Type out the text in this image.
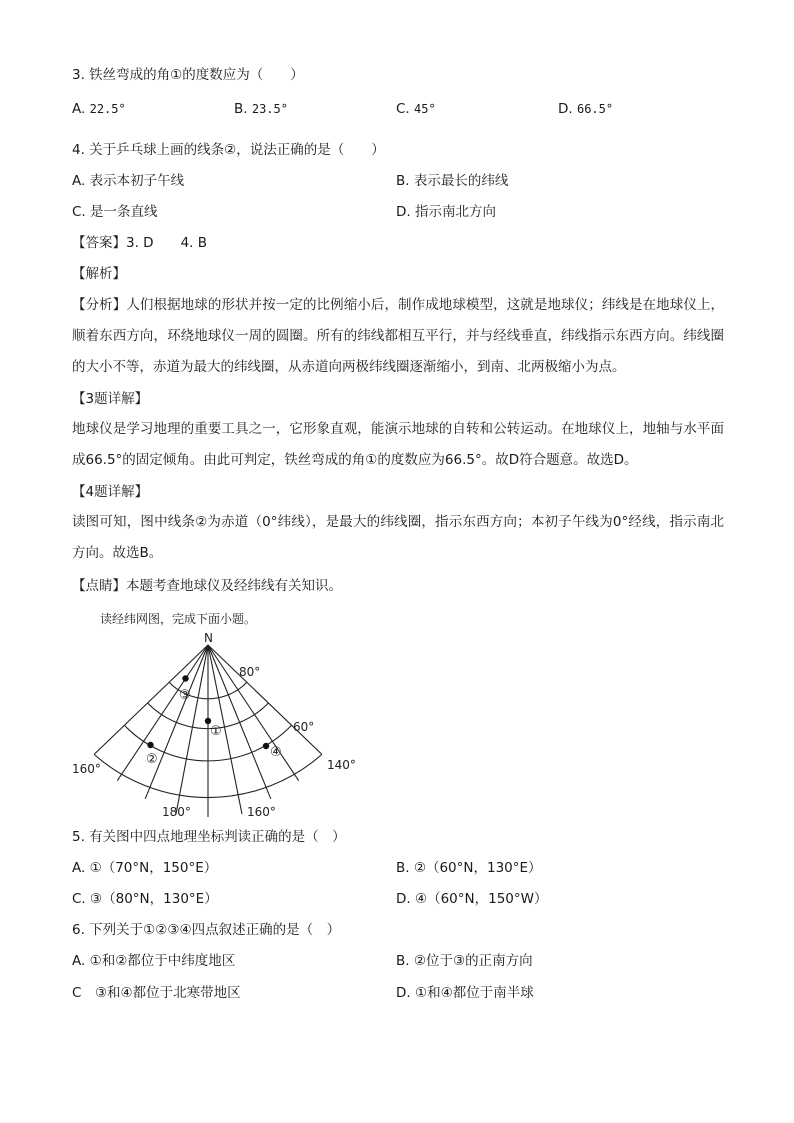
3. 铁丝弯成的角①的度数应为（　　）
A. 22.5°	B. 23.5°	C. 45°	D. 66.5°
4. 关于乒乓球上画的线条②，说法正确的是（　　）
A. 表示本初子午线	B. 表示最长的纬线
C. 是一条直线	D. 指示南北方向
【答案】3. D　　4. B
【解析】
【分析】人们根据地球的形状并按一定的比例缩小后，制作成地球模型，这就是地球仪；纬线是在地球仪上，顺着东西方向，环绕地球仪一周的圆圈。所有的纬线都相互平行，并与经线垂直，纬线指示东西方向。纬线圈的大小不等，赤道为最大的纬线圈，从赤道向两极纬线圈逐渐缩小，到南、北两极缩小为点。
【3题详解】
地球仪是学习地理的重要工具之一，它形象直观，能演示地球的自转和公转运动。在地球仪上，地轴与水平面成66.5°的固定倾角。由此可判定，铁丝弯成的角①的度数应为66.5°。故D符合题意。故选D。
【4题详解】
读图可知，图中线条②为赤道（0°纬线），是最大的纬线圈，指示东西方向；本初子午线为0°经线，指示南北方向。故选B。
【点睛】本题考查地球仪及经纬线有关知识。
读经纬网图，完成下面小题。
N
80°
60°
160°
180°	160°
140°
③
①
②	④
5. 有关图中四点地理坐标判读正确的是（　）
A. ①（70°N，150°E）	B. ②（60°N，130°E）
C. ③（80°N，130°E）	D. ④（60°N，150°W）
6. 下列关于①②③④四点叙述正确的是（　）
A. ①和②都位于中纬度地区	B. ②位于③的正南方向
C　 ③和④都位于北寒带地区	D. ①和④都位于南半球
